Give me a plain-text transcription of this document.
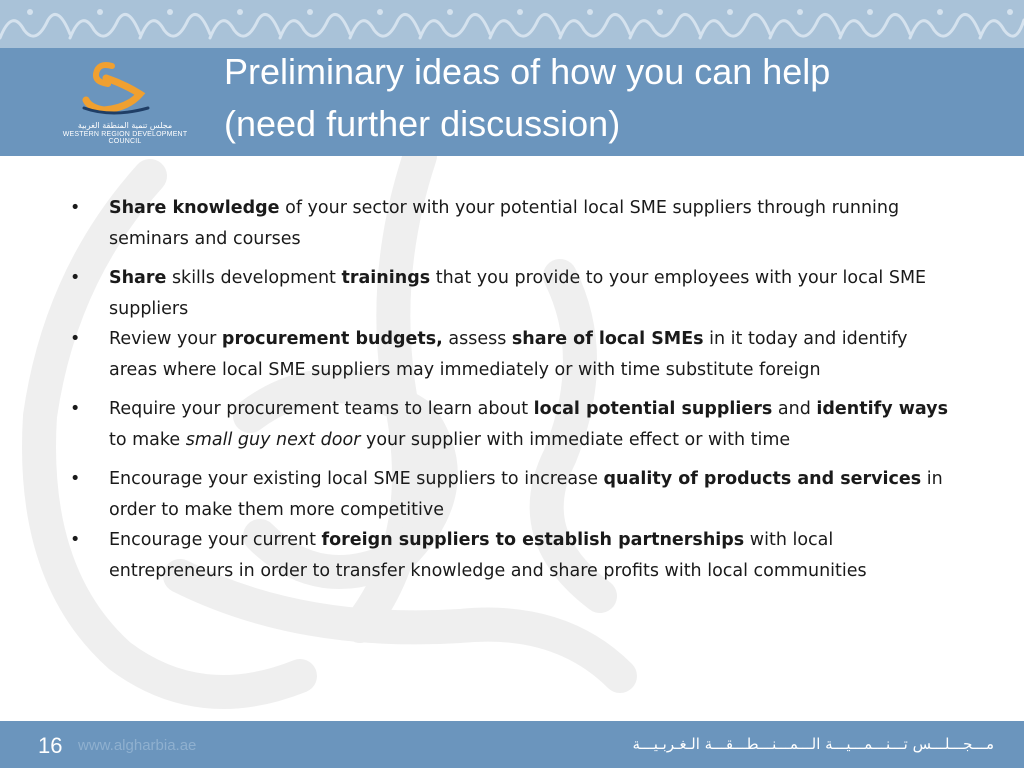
مجلس تنمية المنطقة الغربية
WESTERN REGION DEVELOPMENT COUNCIL
Preliminary ideas of how you can help
(need further discussion)
• Share knowledge of your sector with your potential local SME suppliers through running seminars and courses
• Share skills development trainings that you provide to your employees with your local SME suppliers
• Review your procurement budgets, assess share of local SMEs in it today and identify areas where local SME suppliers may immediately or with time substitute foreign
• Require your procurement teams to learn about local potential suppliers and identify ways to make small guy next door your supplier with immediate effect or with time
• Encourage your existing local SME suppliers to increase quality of products and services in order to make them more competitive
• Encourage your current foreign suppliers to establish partnerships with local entrepreneurs in order to transfer knowledge and share profits with local communities
16 www.algharbia.ae	مـــجـــلـــس تـــنـــمـــيـــة الـــمـــنـــطـــقـــة الـغـربـيـــة
